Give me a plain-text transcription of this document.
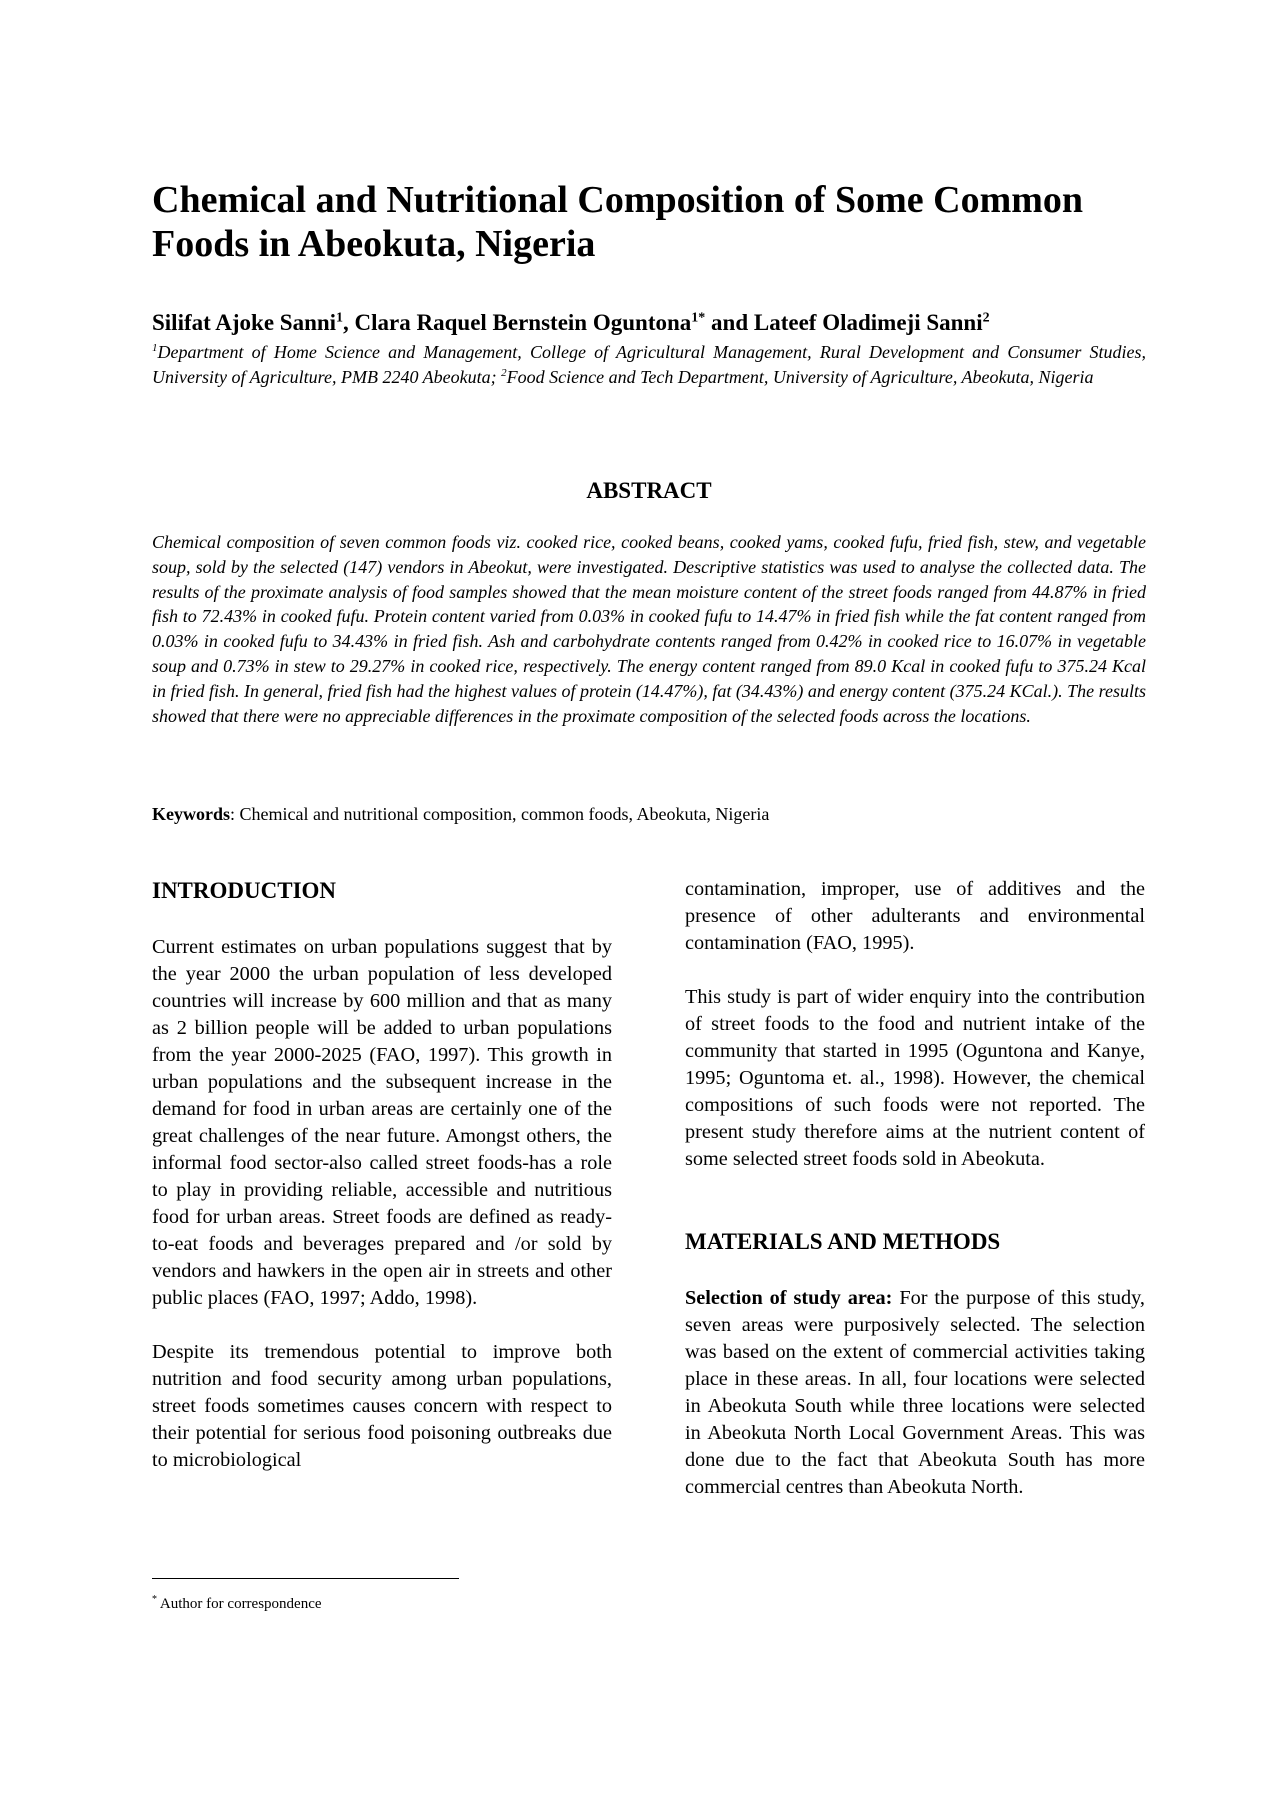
Chemical and Nutritional Composition of Some Common Foods in Abeokuta, Nigeria
Silifat Ajoke Sanni$^1$, Clara Raquel Bernstein Oguntona$^{1*}$ and Lateef Oladimeji Sanni$^2$
$^1$Department of Home Science and Management, College of Agricultural Management, Rural Development and Consumer Studies, University of Agriculture, PMB 2240 Abeokuta; $^2$Food Science and Tech Department, University of Agriculture, Abeokuta, Nigeria
ABSTRACT

Chemical composition of seven common foods viz. cooked rice, cooked beans, cooked yams, cooked fufu, fried fish, stew, and vegetable soup, sold by the selected (147) vendors in Abeokut, were investigated. Descriptive statistics was used to analyse the collected data. The results of the proximate analysis of food samples showed that the mean moisture content of the street foods ranged from 44.87% in fried fish to 72.43% in cooked fufu. Protein content varied from 0.03% in cooked fufu to 14.47% in fried fish while the fat content ranged from 0.03% in cooked fufu to 34.43% in fried fish. Ash and carbohydrate contents ranged from 0.42% in cooked rice to 16.07% in vegetable soup and 0.73% in stew to 29.27% in cooked rice, respectively. The energy content ranged from 89.0 Kcal in cooked fufu to 375.24 Kcal in fried fish. In general, fried fish had the highest values of protein (14.47%), fat (34.43%) and energy content (375.24 KCal.). The results showed that there were no appreciable differences in the proximate composition of the selected foods across the locations.

Keywords: Chemical and nutritional composition, common foods, Abeokuta, Nigeria
INTRODUCTION

Current estimates on urban populations suggest that by the year 2000 the urban population of less developed countries will increase by 600 million and that as many as 2 billion people will be added to urban populations from the year 2000-2025 (FAO, 1997). This growth in urban populations and the subsequent increase in the demand for food in urban areas are certainly one of the great challenges of the near future. Amongst others, the informal food sector-also called street foods-has a role to play in providing reliable, accessible and nutritious food for urban areas. Street foods are defined as ready-to-eat foods and beverages prepared and /or sold by vendors and hawkers in the open air in streets and other public places (FAO, 1997; Addo, 1998).

Despite its tremendous potential to improve both nutrition and food security among urban populations, street foods sometimes causes concern with respect to their potential for serious food poisoning outbreaks due to microbiological

contamination, improper, use of additives and the presence of other adulterants and environmental contamination (FAO, 1995).

This study is part of wider enquiry into the contribution of street foods to the food and nutrient intake of the community that started in 1995 (Oguntona and Kanye, 1995; Oguntoma et. al., 1998). However, the chemical compositions of such foods were not reported. The present study therefore aims at the nutrient content of some selected street foods sold in Abeokuta.

MATERIALS AND METHODS

Selection of study area: For the purpose of this study, seven areas were purposively selected. The selection was based on the extent of commercial activities taking place in these areas. In all, four locations were selected in Abeokuta South while three locations were selected in Abeokuta North Local Government Areas. This was done due to the fact that Abeokuta South has more commercial centres than Abeokuta North.

* Author for correspondence
